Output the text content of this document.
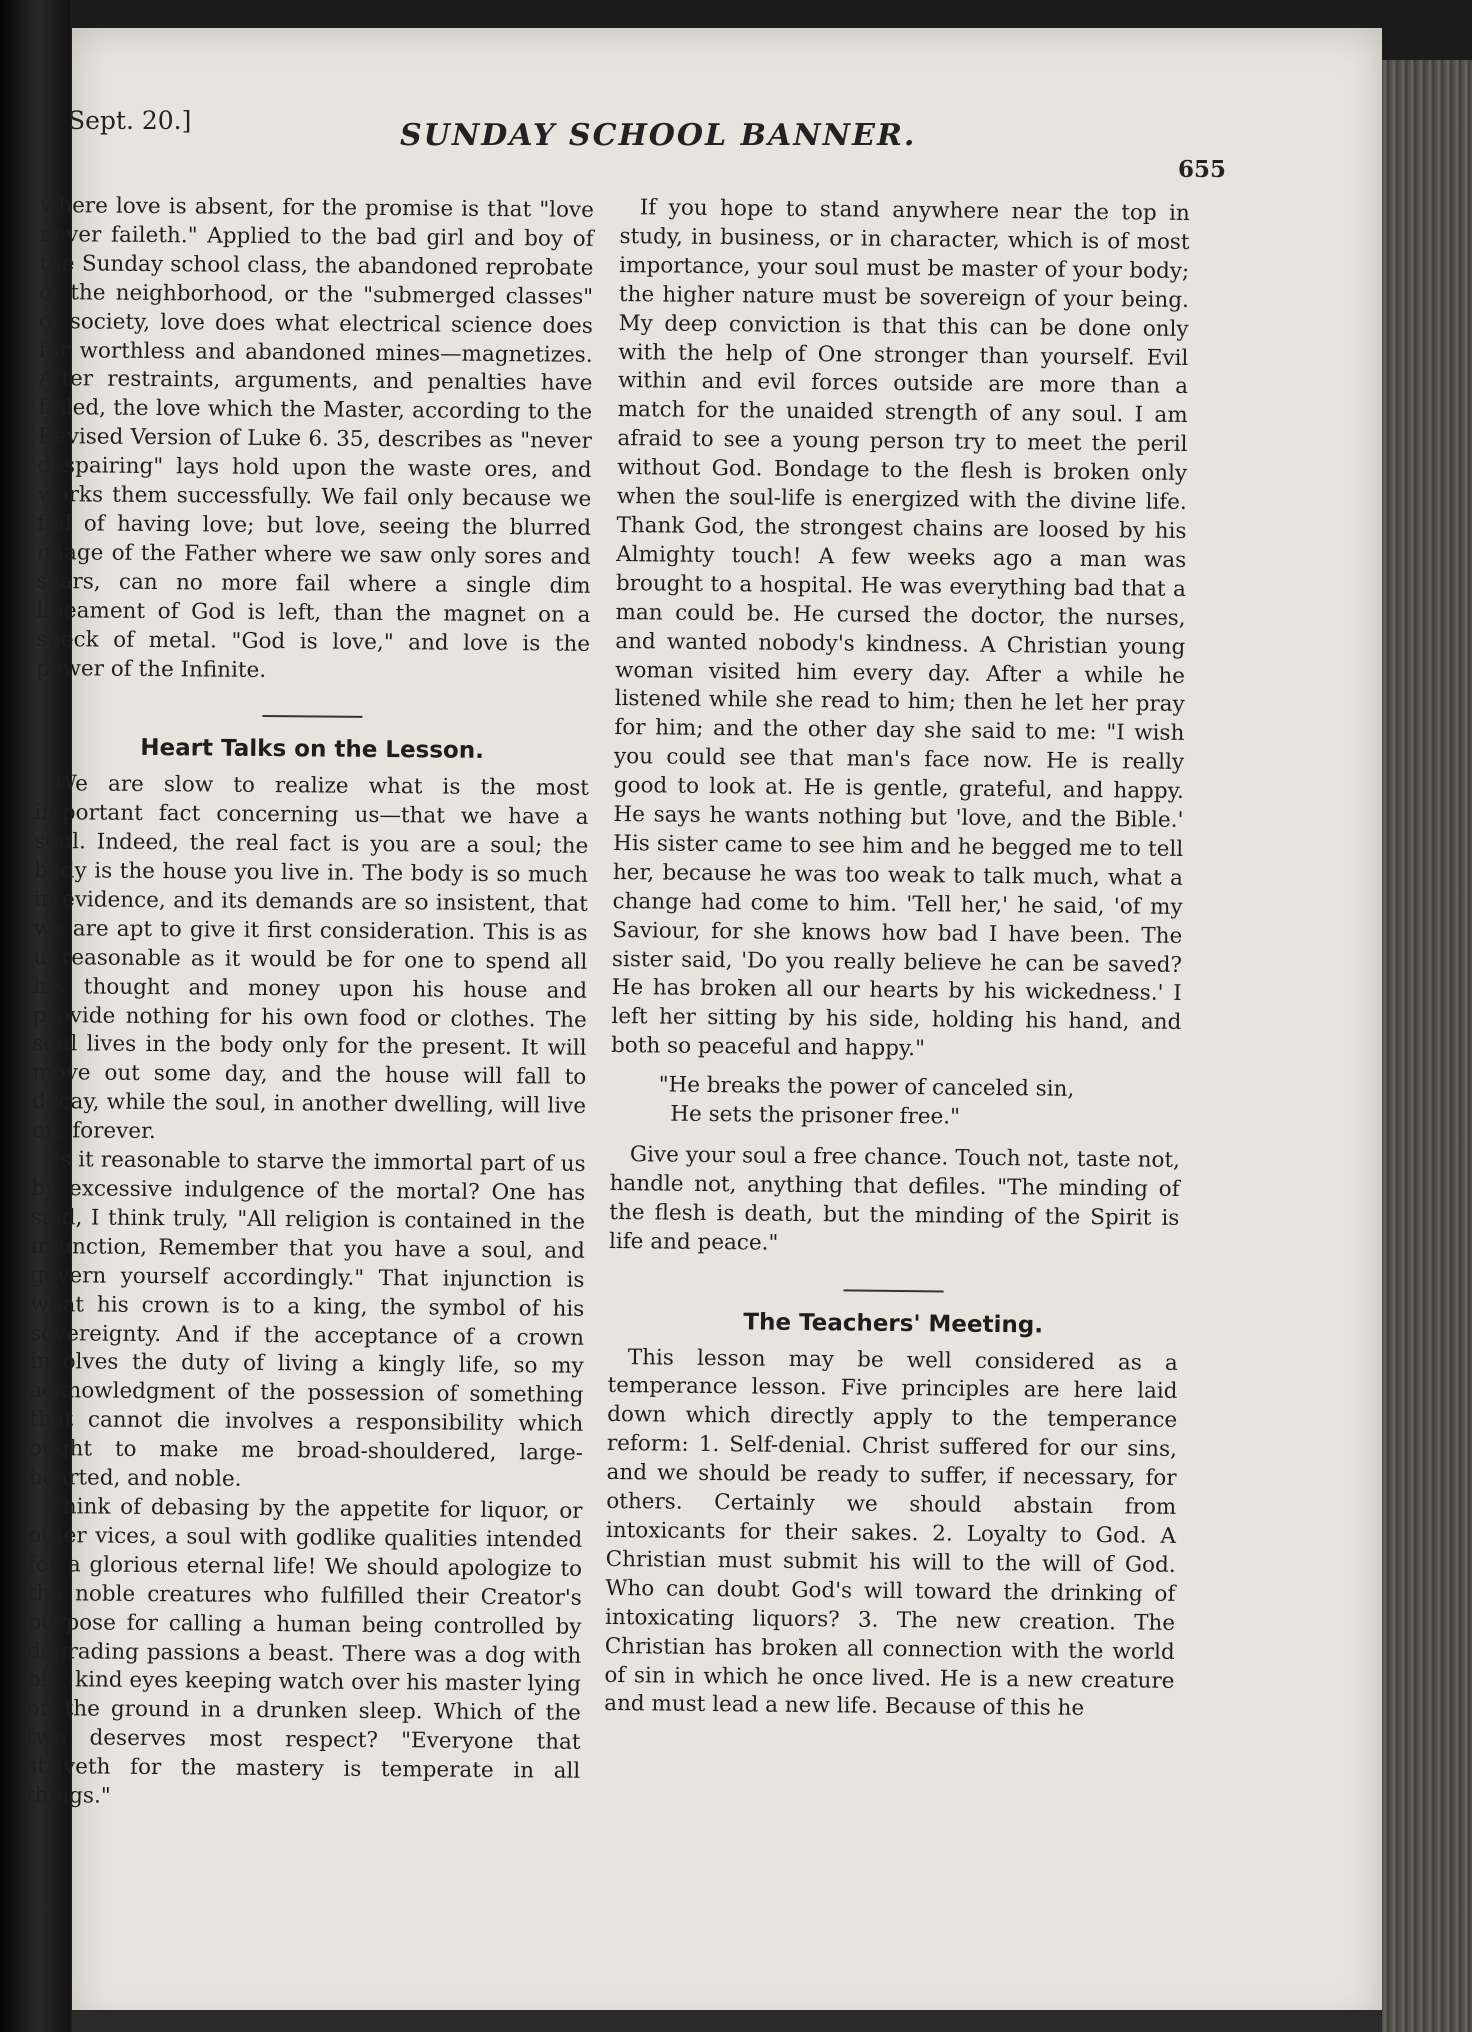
Sept. 20.]	SUNDAY SCHOOL BANNER.
655

where love is absent, for the promise is that "love never faileth." Applied to the bad girl and boy of the Sunday school class, the abandoned reprobate of the neighborhood, or the "submerged classes" of society, love does what electrical science does for worthless and abandoned mines—magnetizes. After restraints, arguments, and penalties have failed, the love which the Master, according to the Revised Version of Luke 6. 35, describes as "never despairing" lays hold upon the waste ores, and works them successfully. We fail only because we fail of having love; but love, seeing the blurred image of the Father where we saw only sores and scars, can no more fail where a single dim lineament of God is left, than the magnet on a speck of metal. "God is love," and love is the power of the Infinite.

Heart Talks on the Lesson.

We are slow to realize what is the most important fact concerning us—that we have a soul. Indeed, the real fact is you are a soul; the body is the house you live in. The body is so much in evidence, and its demands are so insistent, that we are apt to give it first consideration. This is as unreasonable as it would be for one to spend all his thought and money upon his house and provide nothing for his own food or clothes. The soul lives in the body only for the present. It will move out some day, and the house will fall to decay, while the soul, in another dwelling, will live on, forever.

Is it reasonable to starve the immortal part of us by excessive indulgence of the mortal? One has said, I think truly, "All religion is contained in the injunction, Remember that you have a soul, and govern yourself accordingly." That injunction is what his crown is to a king, the symbol of his sovereignty. And if the acceptance of a crown involves the duty of living a kingly life, so my acknowledgment of the possession of something that cannot die involves a responsibility which ought to make me broad-shouldered, large-hearted, and noble.

Think of debasing by the appetite for liquor, or other vices, a soul with godlike qualities intended for a glorious eternal life! We should apologize to the noble creatures who fulfilled their Creator's purpose for calling a human being controlled by degrading passions a beast. There was a dog with big, kind eyes keeping watch over his master lying on the ground in a drunken sleep. Which of the two deserves most respect? "Everyone that striveth for the mastery is temperate in all things."

If you hope to stand anywhere near the top in study, in business, or in character, which is of most importance, your soul must be master of your body; the higher nature must be sovereign of your being. My deep conviction is that this can be done only with the help of One stronger than yourself. Evil within and evil forces outside are more than a match for the unaided strength of any soul. I am afraid to see a young person try to meet the peril without God. Bondage to the flesh is broken only when the soul-life is energized with the divine life. Thank God, the strongest chains are loosed by his Almighty touch! A few weeks ago a man was brought to a hospital. He was everything bad that a man could be. He cursed the doctor, the nurses, and wanted nobody's kindness. A Christian young woman visited him every day. After a while he listened while she read to him; then he let her pray for him; and the other day she said to me: "I wish you could see that man's face now. He is really good to look at. He is gentle, grateful, and happy. He says he wants nothing but 'love, and the Bible.' His sister came to see him and he begged me to tell her, because he was too weak to talk much, what a change had come to him. 'Tell her,' he said, 'of my Saviour, for she knows how bad I have been. The sister said, 'Do you really believe he can be saved? He has broken all our hearts by his wickedness.' I left her sitting by his side, holding his hand, and both so peaceful and happy."

"He breaks the power of canceled sin,
He sets the prisoner free."

Give your soul a free chance. Touch not, taste not, handle not, anything that defiles. "The minding of the flesh is death, but the minding of the Spirit is life and peace."

The Teachers' Meeting.

This lesson may be well considered as a temperance lesson. Five principles are here laid down which directly apply to the temperance reform: 1. Self-denial. Christ suffered for our sins, and we should be ready to suffer, if necessary, for others. Certainly we should abstain from intoxicants for their sakes. 2. Loyalty to God. A Christian must submit his will to the will of God. Who can doubt God's will toward the drinking of intoxicating liquors? 3. The new creation. The Christian has broken all connection with the world of sin in which he once lived. He is a new creature and must lead a new life. Because of this he
